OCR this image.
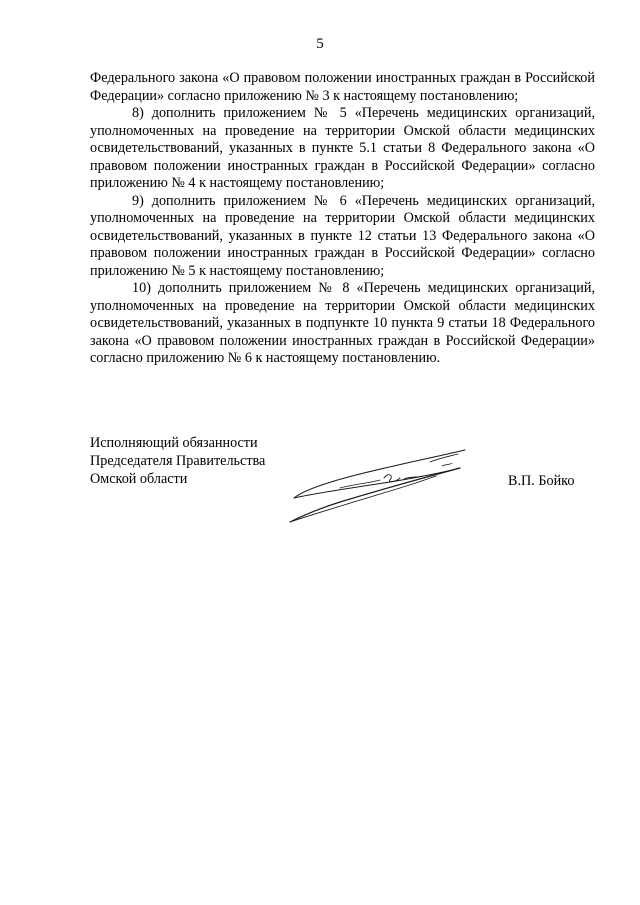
5

Федерального закона «О правовом положении иностранных граждан в Российской Федерации» согласно приложению № 3 к настоящему постановлению;

8) дополнить приложением № 5 «Перечень медицинских организаций, уполномоченных на проведение на территории Омской области медицинских освидетельствований, указанных в пункте 5.1 статьи 8 Федерального закона «О правовом положении иностранных граждан в Российской Федерации» согласно приложению № 4 к настоящему постановлению;

9) дополнить приложением № 6 «Перечень медицинских организаций, уполномоченных на проведение на территории Омской области медицинских освидетельствований, указанных в пункте 12 статьи 13 Федерального закона «О правовом положении иностранных граждан в Российской Федерации» согласно приложению № 5 к настоящему постановлению;

10) дополнить приложением № 8 «Перечень медицинских организаций, уполномоченных на проведение на территории Омской области медицинских освидетельствований, указанных в подпункте 10 пункта 9 статьи 18 Федерального закона «О правовом положении иностранных граждан в Российской Федерации» согласно приложению № 6 к настоящему постановлению.

Исполняющий обязанности
Председателя Правительства
Омской области	В.П. Бойко
